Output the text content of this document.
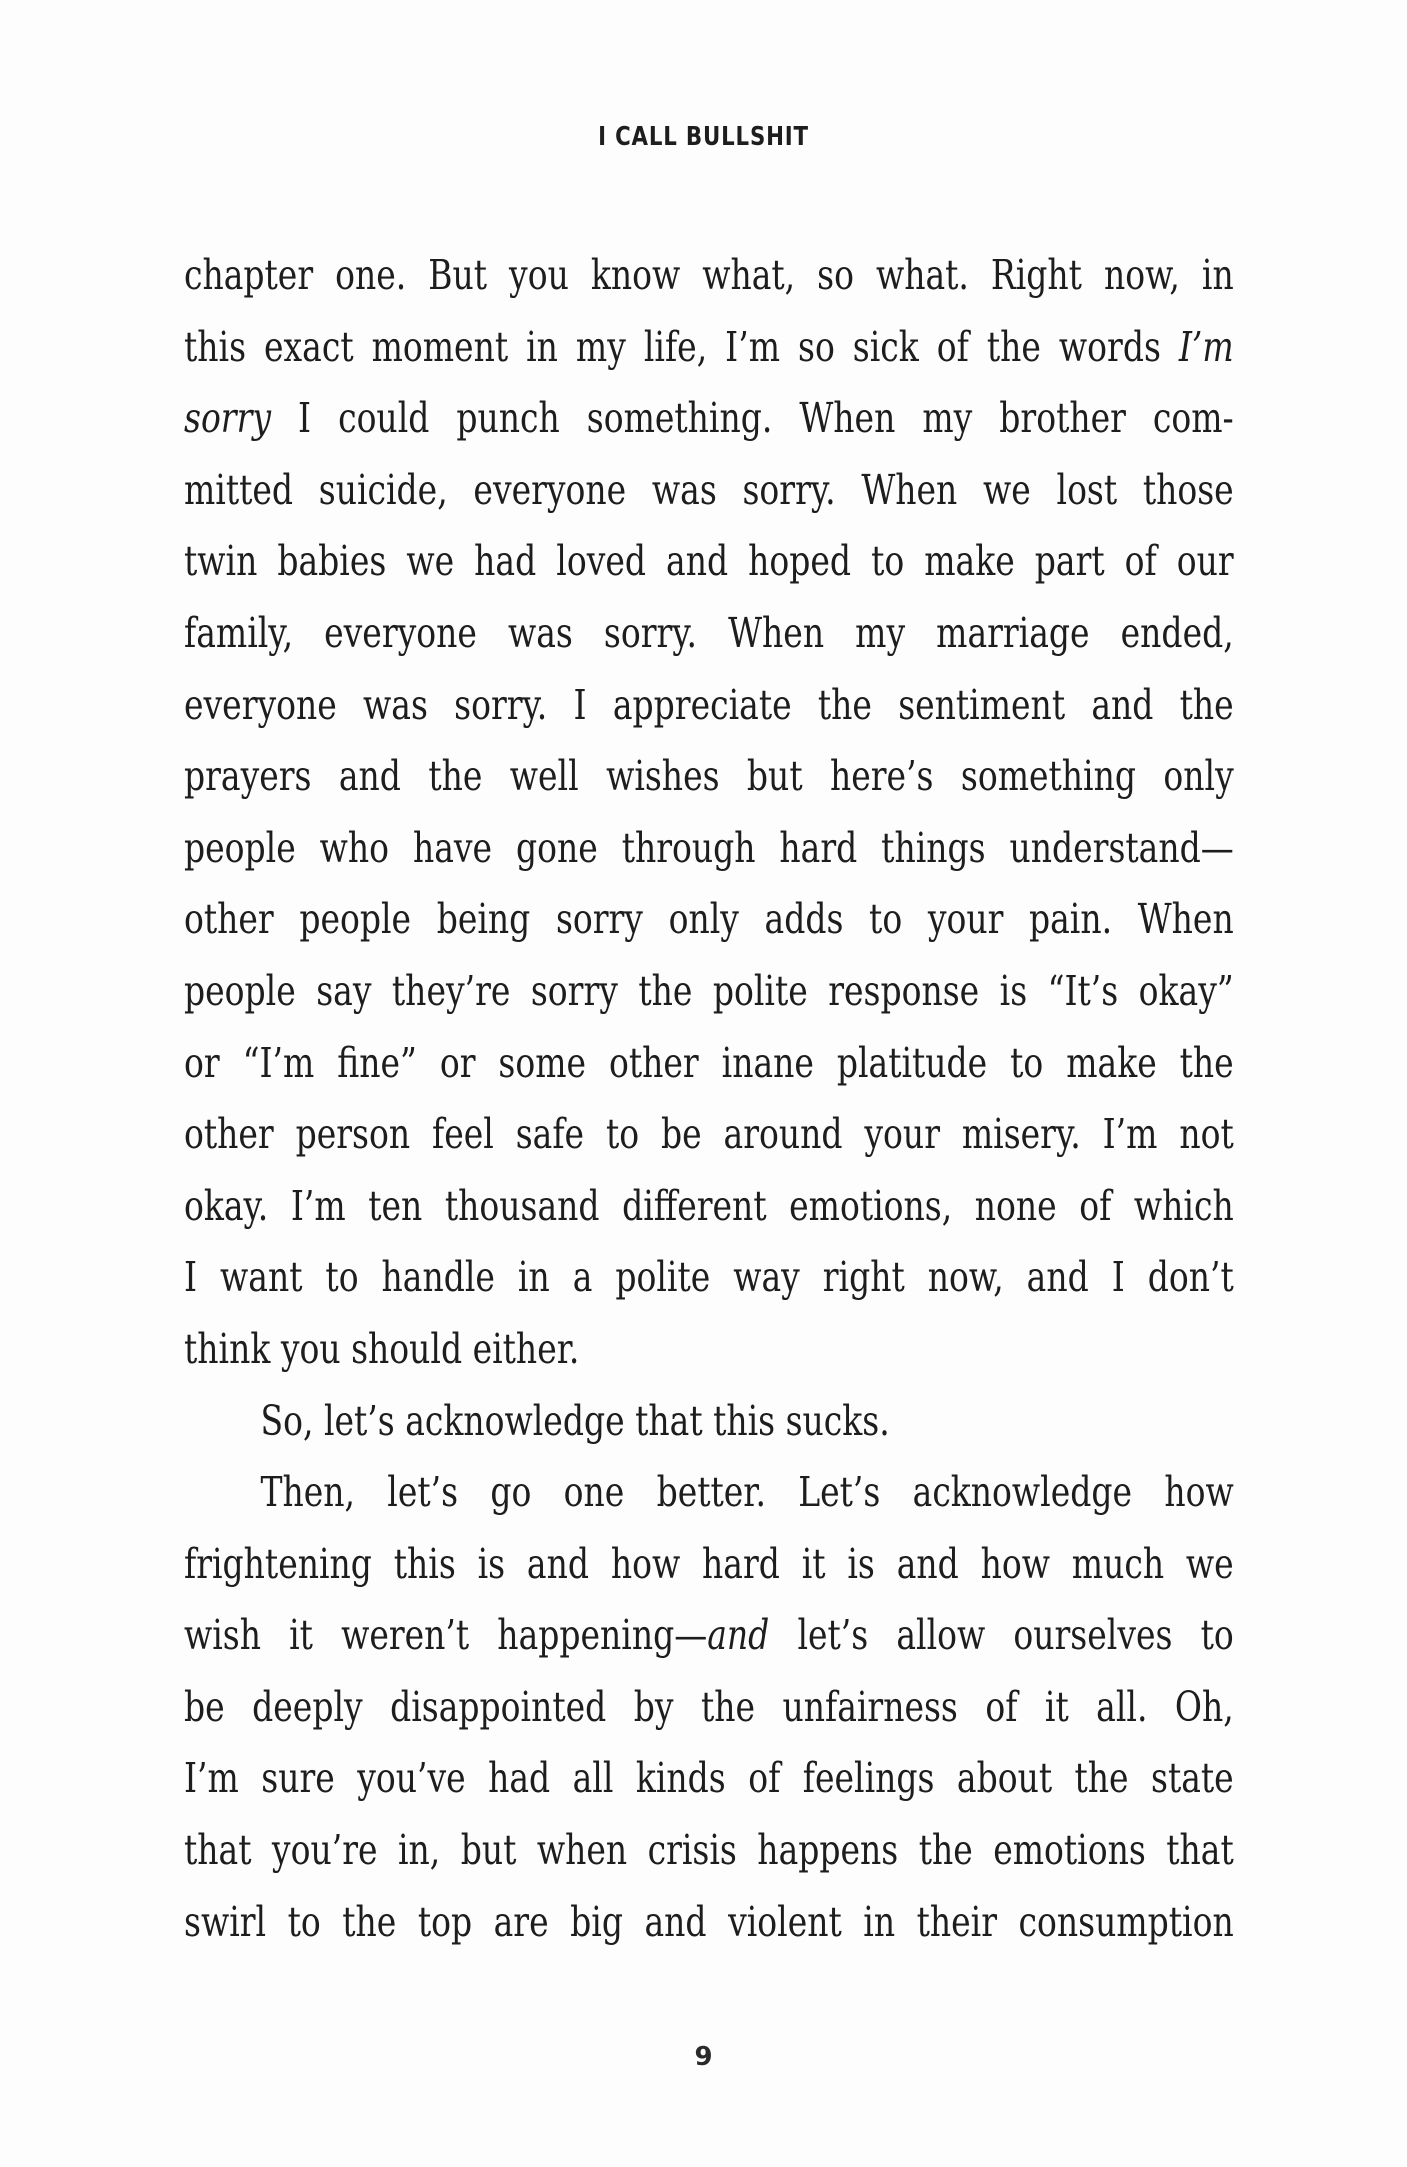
I CALL BULLSHIT
chapter one. But you know what, so what. Right now, in
this exact moment in my life, I’m so sick of the words I’m
sorry I could punch something. When my brother com-
mitted suicide, everyone was sorry. When we lost those
twin babies we had loved and hoped to make part of our
family, everyone was sorry. When my marriage ended,
everyone was sorry. I appreciate the sentiment and the
prayers and the well wishes but here’s something only
people who have gone through hard things understand—
other people being sorry only adds to your pain. When
people say they’re sorry the polite response is “It’s okay”
or “I’m fine” or some other inane platitude to make the
other person feel safe to be around your misery. I’m not
okay. I’m ten thousand different emotions, none of which
I want to handle in a polite way right now, and I don’t
think you should either.
So, let’s acknowledge that this sucks.
Then, let’s go one better. Let’s acknowledge how
frightening this is and how hard it is and how much we
wish it weren’t happening—and let’s allow ourselves to
be deeply disappointed by the unfairness of it all. Oh,
I’m sure you’ve had all kinds of feelings about the state
that you’re in, but when crisis happens the emotions that
swirl to the top are big and violent in their consumption
9
